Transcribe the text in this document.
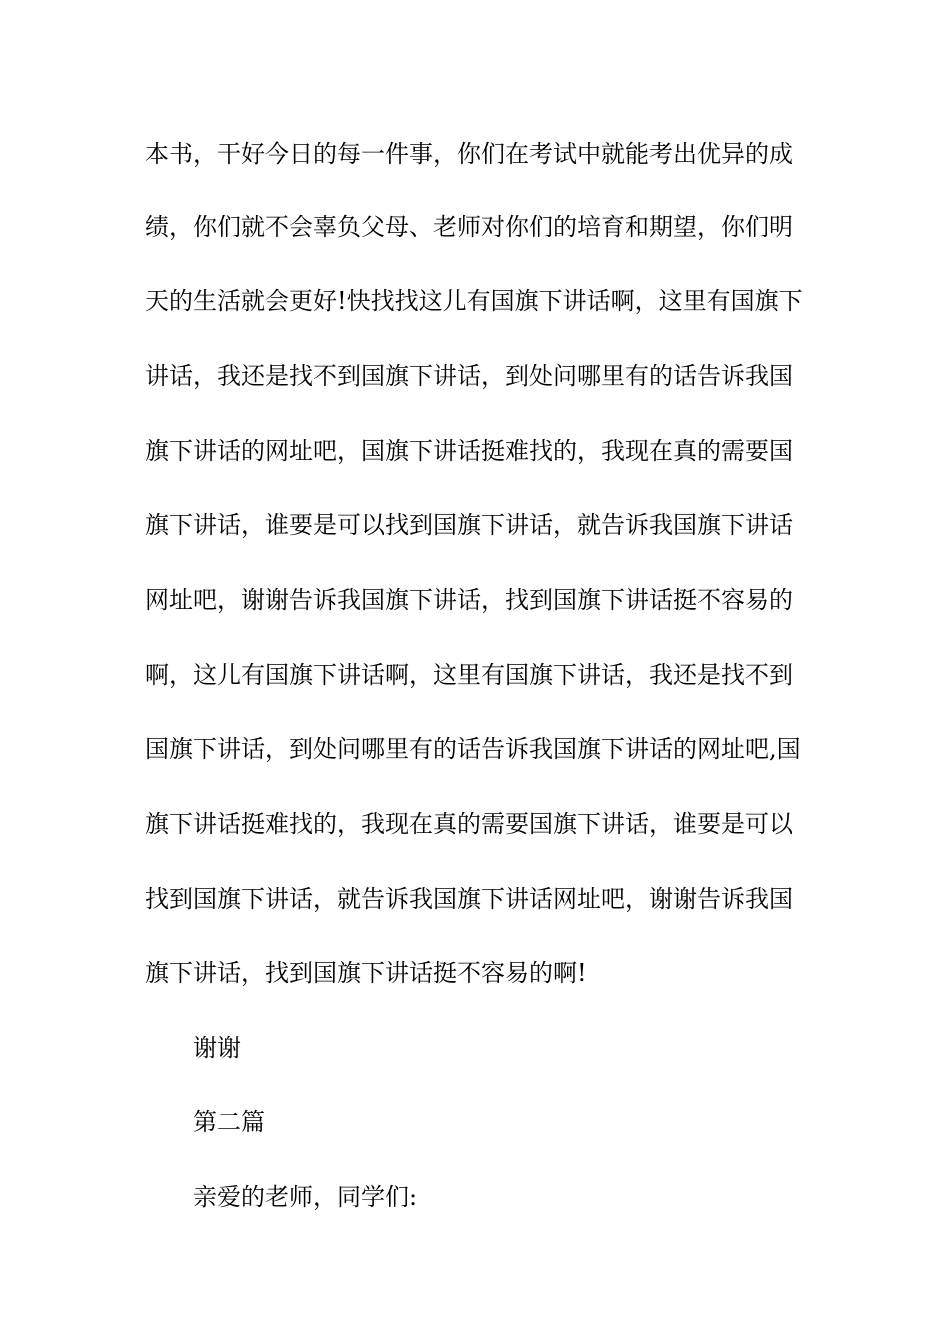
本书，干好今日的每一件事，你们在考试中就能考出优异的成
绩，你们就不会辜负父母、老师对你们的培育和期望，你们明
天的生活就会更好!快找找这儿有国旗下讲话啊，这里有国旗下
讲话，我还是找不到国旗下讲话，到处问哪里有的话告诉我国
旗下讲话的网址吧，国旗下讲话挺难找的，我现在真的需要国
旗下讲话，谁要是可以找到国旗下讲话，就告诉我国旗下讲话
网址吧，谢谢告诉我国旗下讲话，找到国旗下讲话挺不容易的
啊，这儿有国旗下讲话啊，这里有国旗下讲话，我还是找不到
国旗下讲话，到处问哪里有的话告诉我国旗下讲话的网址吧,国
旗下讲话挺难找的，我现在真的需要国旗下讲话，谁要是可以
找到国旗下讲话，就告诉我国旗下讲话网址吧，谢谢告诉我国
旗下讲话，找到国旗下讲话挺不容易的啊!
谢谢
第二篇
亲爱的老师，同学们:
